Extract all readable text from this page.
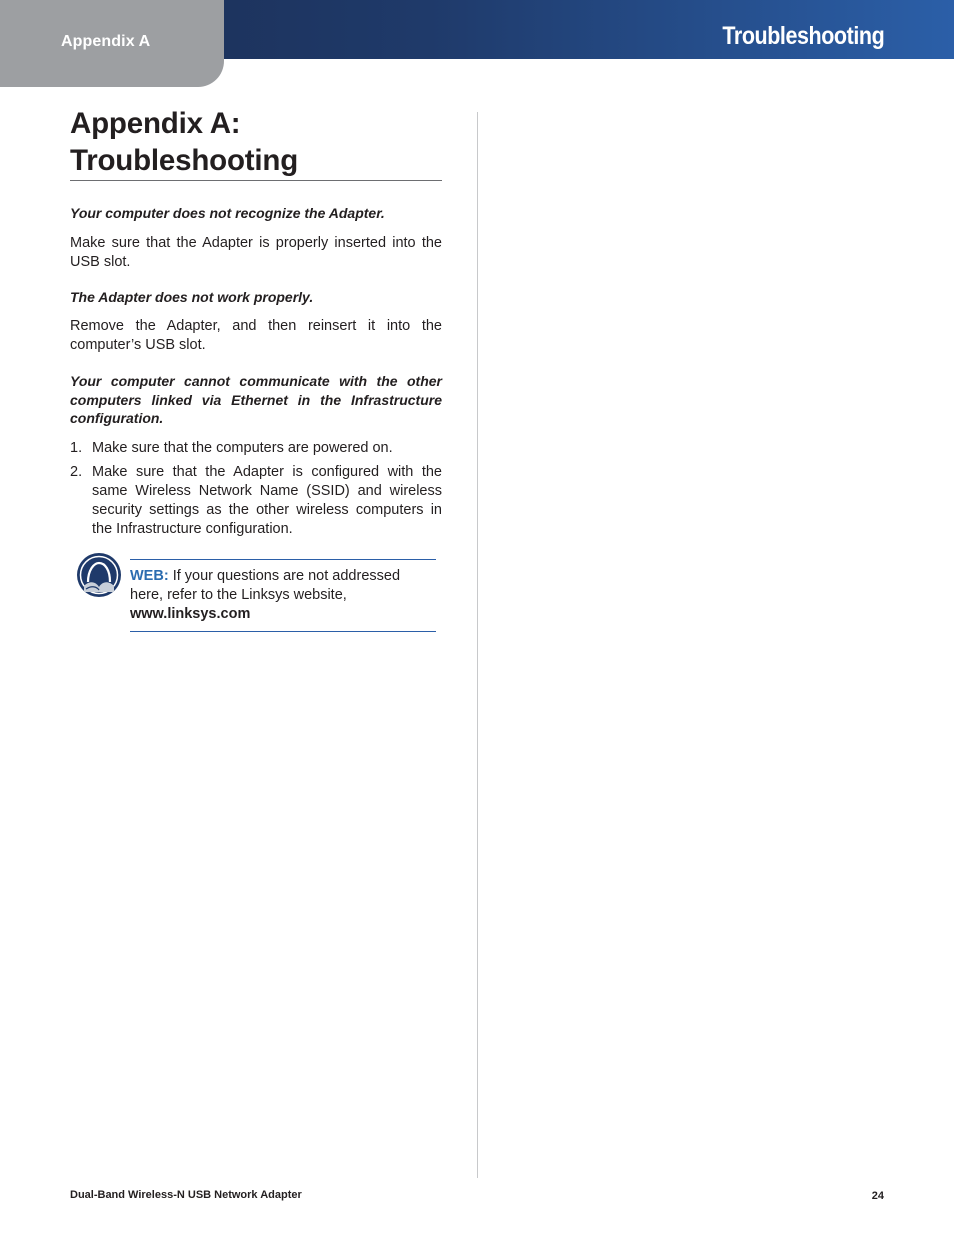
Appendix A	Troubleshooting
Appendix A:
Troubleshooting

Your computer does not recognize the Adapter.

Make sure that the Adapter is properly inserted into the USB slot.

The Adapter does not work properly.

Remove the Adapter, and then reinsert it into the computer’s USB slot.

Your computer cannot communicate with the other computers linked via Ethernet in the Infrastructure configuration.

1. Make sure that the computers are powered on.
2. Make sure that the Adapter is configured with the same Wireless Network Name (SSID) and wireless security settings as the other wireless computers in the Infrastructure configuration.
WEB: If your questions are not addressed here, refer to the Linksys website, www.linksys.com
Dual-Band Wireless-N USB Network Adapter	24
